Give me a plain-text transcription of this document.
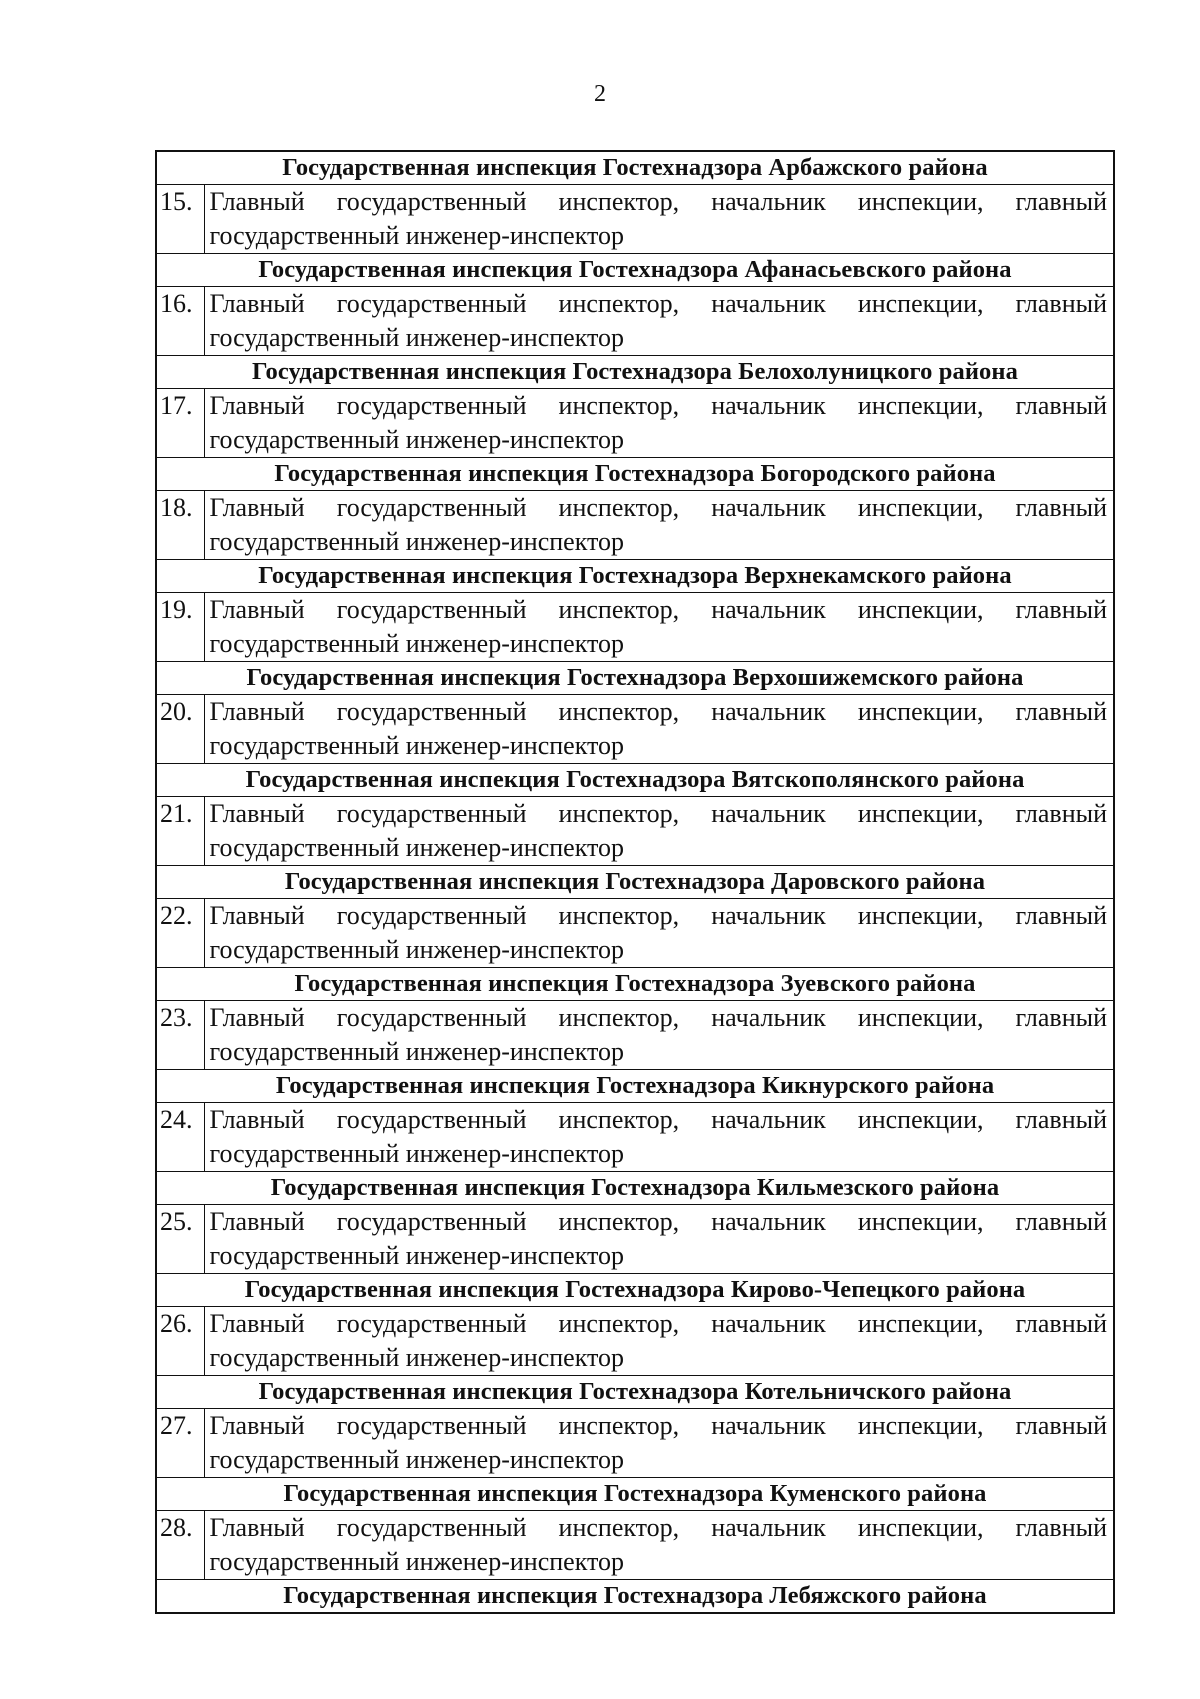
2
Государственная инспекция Гостехнадзора Арбажского района	
15.	Главный государственный инспектор, начальник инспекции, главный
государственный инженер-инспектор

Государственная инспекция Гостехнадзора Афанасьевского района	
16.	Главный государственный инспектор, начальник инспекции, главный
государственный инженер-инспектор

Государственная инспекция Гостехнадзора Белохолуницкого района	
17.	Главный государственный инспектор, начальник инспекции, главный
государственный инженер-инспектор

Государственная инспекция Гостехнадзора Богородского района	
18.	Главный государственный инспектор, начальник инспекции, главный
государственный инженер-инспектор

Государственная инспекция Гостехнадзора Верхнекамского района	
19.	Главный государственный инспектор, начальник инспекции, главный
государственный инженер-инспектор

Государственная инспекция Гостехнадзора Верхошижемского района	
20.	Главный государственный инспектор, начальник инспекции, главный
государственный инженер-инспектор

Государственная инспекция Гостехнадзора Вятскополянского района	
21.	Главный государственный инспектор, начальник инспекции, главный
государственный инженер-инспектор

Государственная инспекция Гостехнадзора Даровского района	
22.	Главный государственный инспектор, начальник инспекции, главный
государственный инженер-инспектор

Государственная инспекция Гостехнадзора Зуевского района	
23.	Главный государственный инспектор, начальник инспекции, главный
государственный инженер-инспектор

Государственная инспекция Гостехнадзора Кикнурского района	
24.	Главный государственный инспектор, начальник инспекции, главный
государственный инженер-инспектор

Государственная инспекция Гостехнадзора Кильмезского района	
25.	Главный государственный инспектор, начальник инспекции, главный
государственный инженер-инспектор

Государственная инспекция Гостехнадзора Кирово-Чепецкого района	
26.	Главный государственный инспектор, начальник инспекции, главный
государственный инженер-инспектор

Государственная инспекция Гостехнадзора Котельничского района	
27.	Главный государственный инспектор, начальник инспекции, главный
государственный инженер-инспектор

Государственная инспекция Гостехнадзора Куменского района	
28.	Главный государственный инспектор, начальник инспекции, главный
государственный инженер-инспектор

Государственная инспекция Гостехнадзора Лебяжского района	
